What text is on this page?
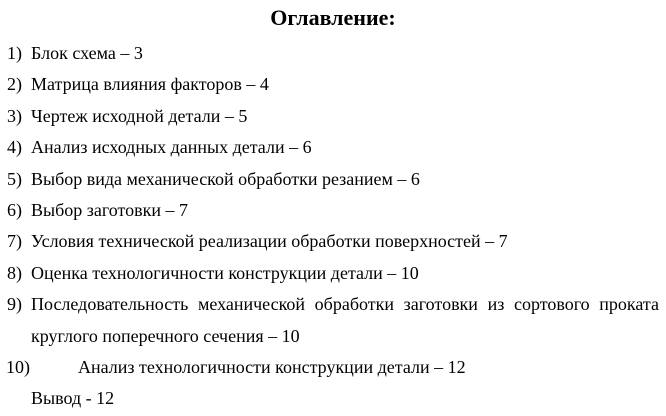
Оглавление:
1) Блок схема – 3
2) Матрица влияния факторов – 4
3) Чертеж исходной детали – 5
4) Анализ исходных данных детали – 6
5) Выбор вида механической обработки резанием – 6
6) Выбор заготовки – 7
7) Условия технической реализации обработки поверхностей – 7
8) Оценка технологичности конструкции детали – 10
9) Последовательность механической обработки заготовки из сортового проката круглого поперечного сечения – 10
10)	Анализ технологичности конструкции детали – 12
Вывод - 12
